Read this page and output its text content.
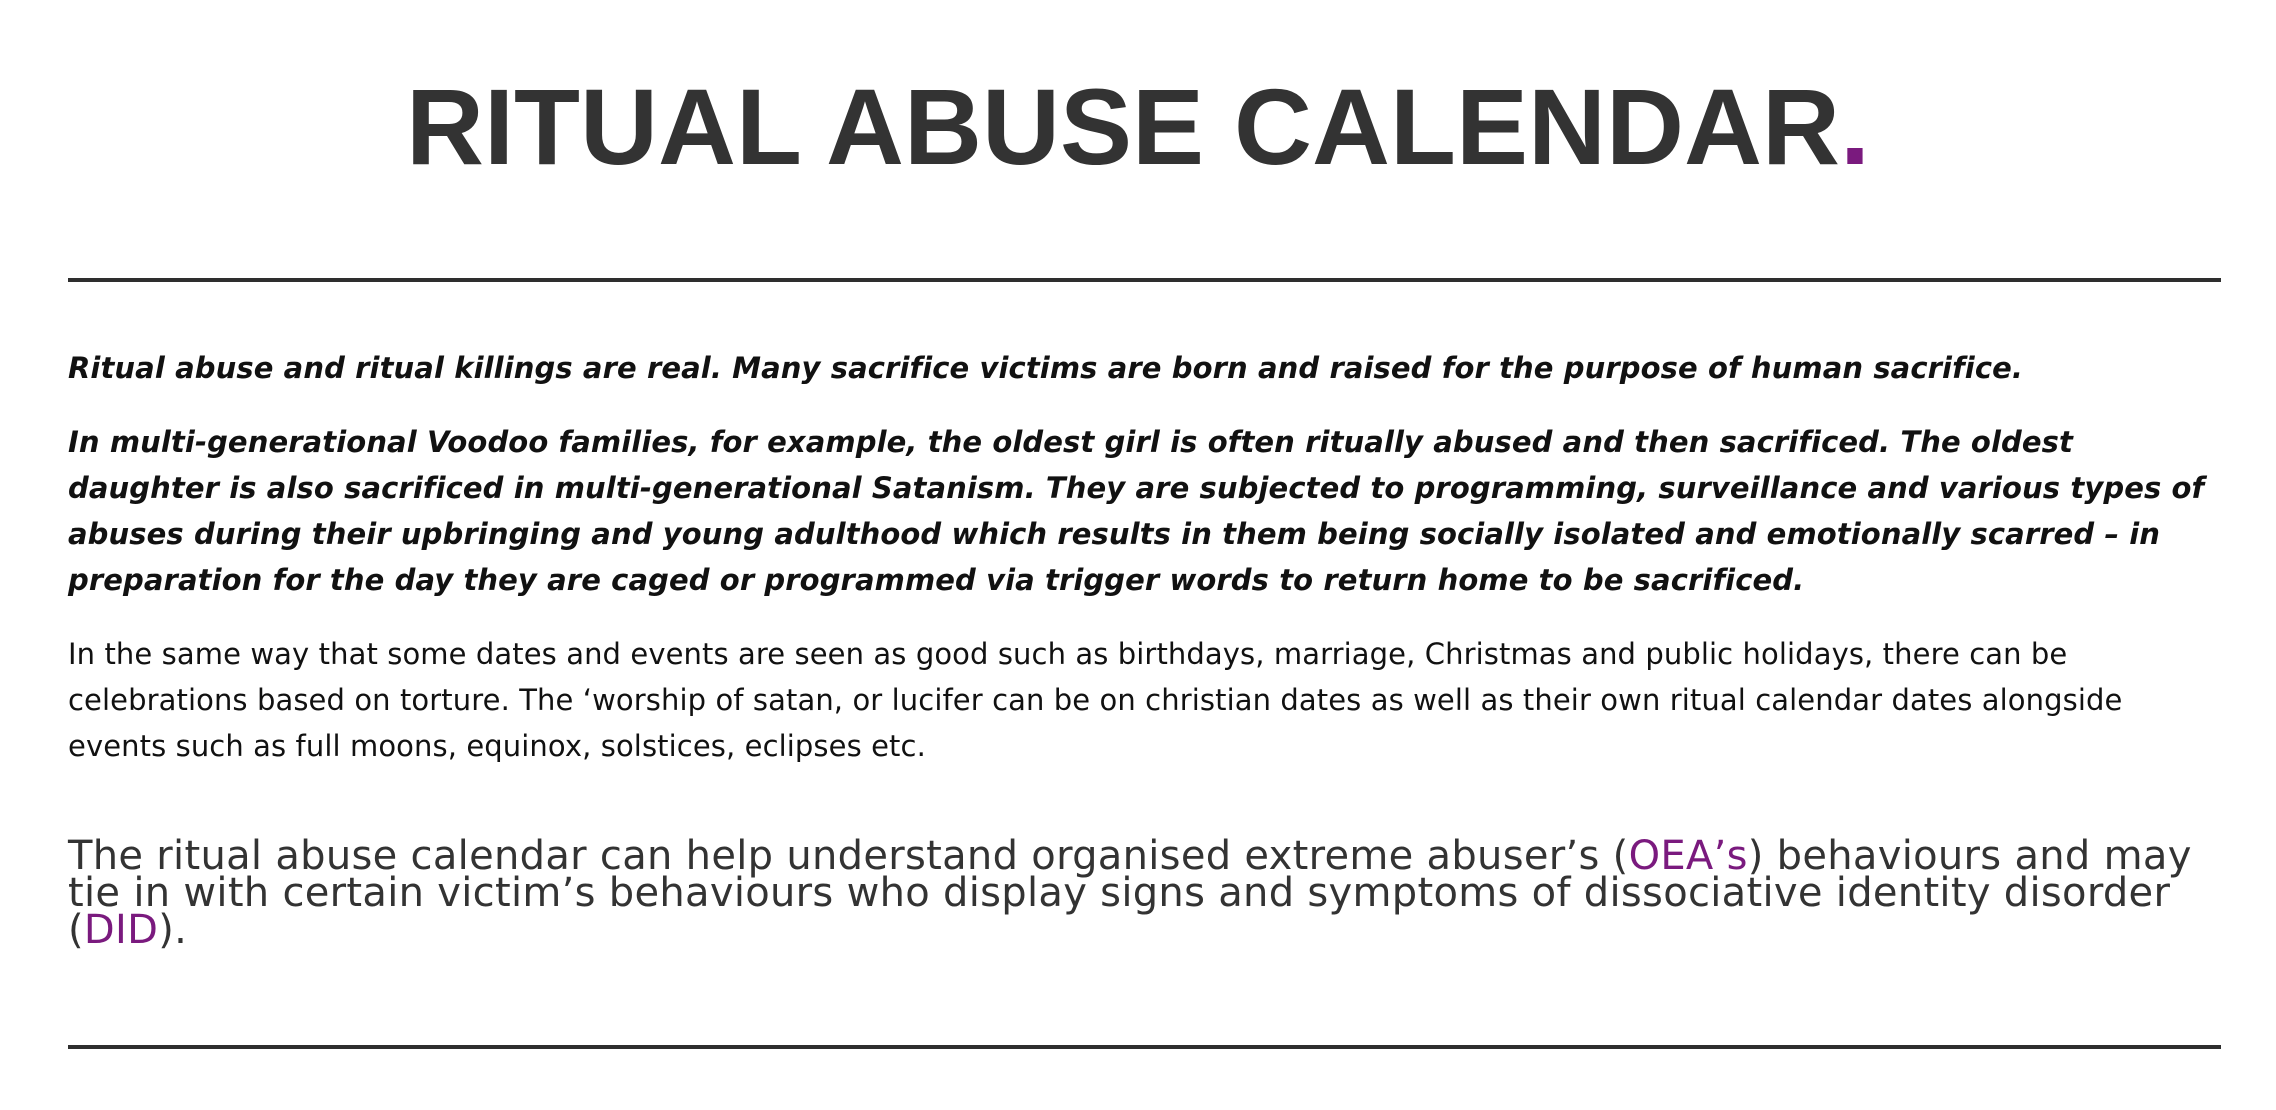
RITUAL ABUSE CALENDAR.

Ritual abuse and ritual killings are real. Many sacrifice victims are born and raised for the purpose of human sacrifice.

In multi-generational Voodoo families, for example, the oldest girl is often ritually abused and then sacrificed. The oldest daughter is also sacrificed in multi-generational Satanism. They are subjected to programming, surveillance and various types of abuses during their upbringing and young adulthood which results in them being socially isolated and emotionally scarred – in preparation for the day they are caged or programmed via trigger words to return home to be sacrificed.

In the same way that some dates and events are seen as good such as birthdays, marriage, Christmas and public holidays, there can be celebrations based on torture. The ‘worship of satan, or lucifer can be on christian dates as well as their own ritual calendar dates alongside events such as full moons, equinox, solstices, eclipses etc.

The ritual abuse calendar can help understand organised extreme abuser’s (OEA’s) behaviours and may tie in with certain victim’s behaviours who display signs and symptoms of dissociative identity disorder (DID).
